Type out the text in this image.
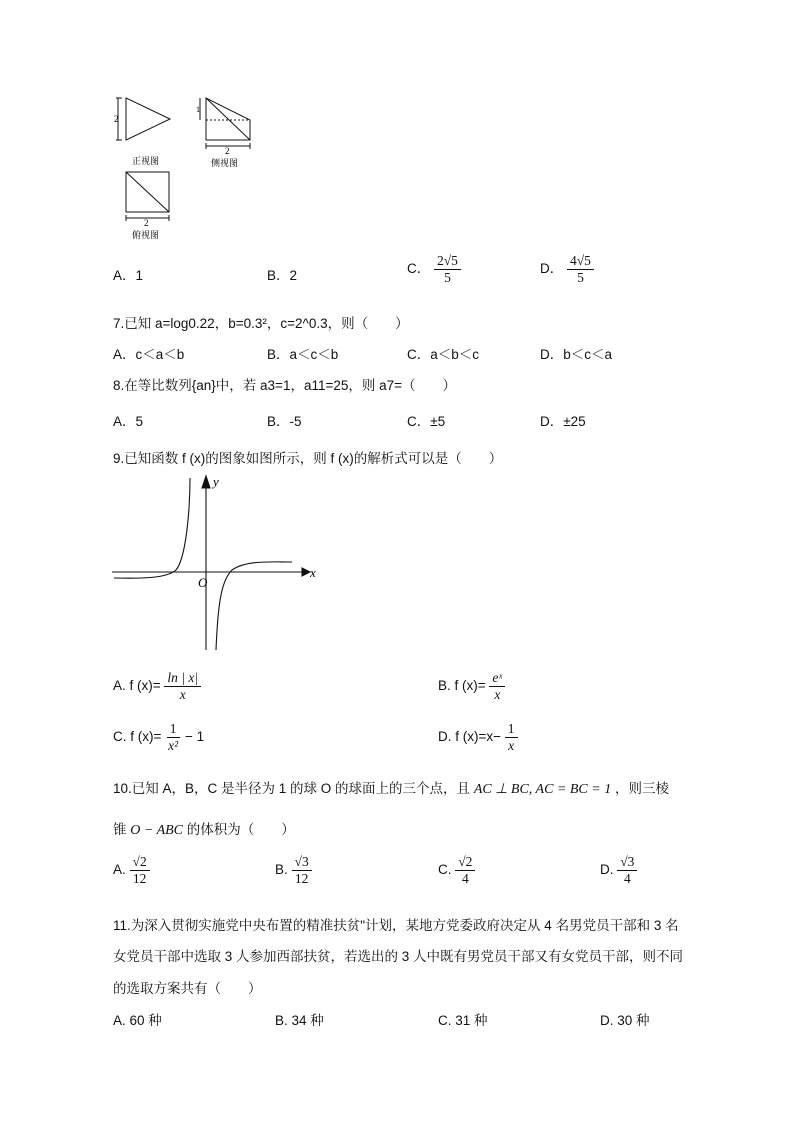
2
正视图
1
2
侧视图
2
俯视图
A．1	B．2	C． $\frac{2√5}{5}$	D． $\frac{4√5}{5}$
7.已知 a=log0.22，b=0.3²，c=2^0.3，则（　　）
A．c＜a＜b	B．a＜c＜b	C．a＜b＜c	D．b＜c＜a
8.在等比数列{an}中，若 a3=1，a11=25，则 a7=（　　）
A．5	B．-5	C．±5	D．±25
9.已知函数 f (x)的图象如图所示，则 f (x)的解析式可以是（　　）
O
x
y
A. f $(x)= \frac{\ln | x|}{x}$	B. f $(x)= \frac{\text{eˣ}}{x}$
C. f $(x)= \frac{1}{\text{x²}} - 1$	D. f $(x)=x- \frac{1}{x}$
10.已知 A，B，C 是半径为 1 的球 O 的球面上的三个点，且 AC ⊥ BC, AC = BC = 1 ，则三棱
锥 O − ABC 的体积为（　　）
A. $\frac{√2}{12}$	B. $\frac{√3}{12}$	C. $\frac{√2}{4}$	D. $\frac{√3}{4}$
11.为深入贯彻实施党中央布置的精准扶贫"计划，某地方党委政府决定从 4 名男党员干部和 3 名
女党员干部中选取 3 人参加西部扶贫，若选出的 3 人中既有男党员干部又有女党员干部，则不同
的选取方案共有（　　）
A. 60 种	B. 34 种	C. 31 种	D. 30 种
